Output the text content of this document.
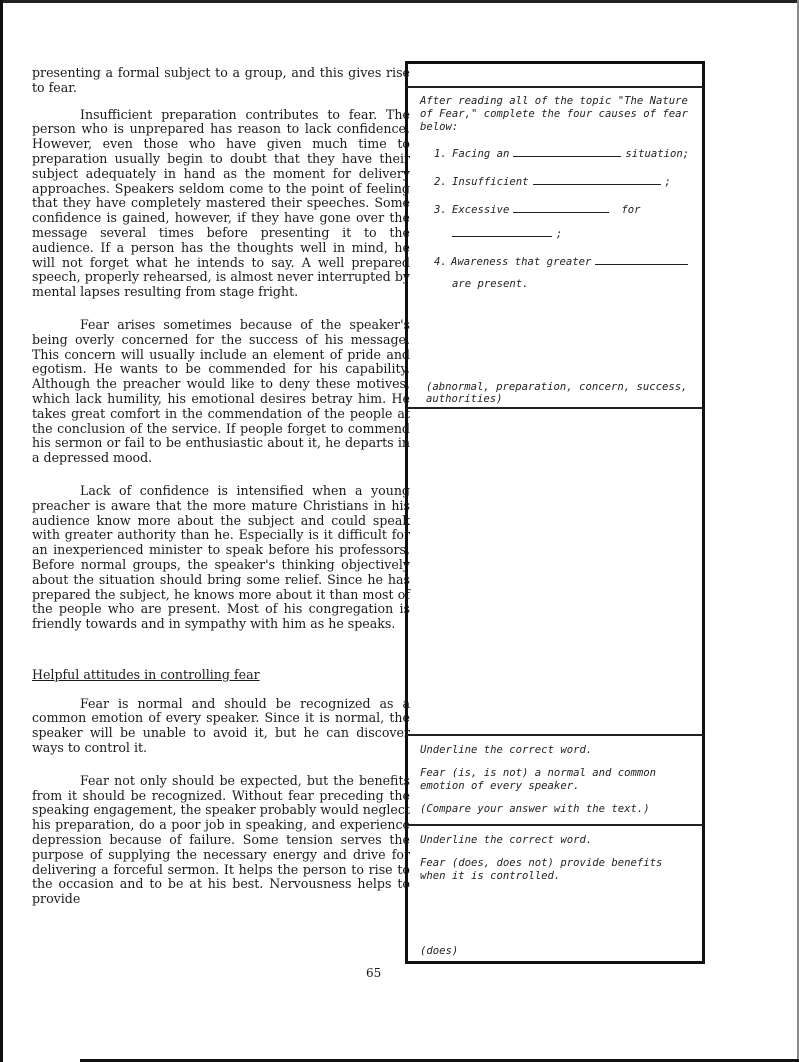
presenting a formal subject to a group, and this gives rise to fear.

Insufficient preparation contributes to fear. The person who is unprepared has reason to lack confidence. However, even those who have given much time to preparation usually begin to doubt that they have their subject adequately in hand as the moment for delivery approaches. Speakers seldom come to the point of feeling that they have completely mastered their speeches. Some confidence is gained, however, if they have gone over the message several times before presenting it to the audience. If a person has the thoughts well in mind, he will not forget what he intends to say. A well prepared speech, properly rehearsed, is almost never interrupted by mental lapses resulting from stage fright.

Fear arises sometimes because of the speaker's being overly concerned for the success of his message. This concern will usually include an element of pride and egotism. He wants to be commended for his capability. Although the preacher would like to deny these motives, which lack humility, his emotional desires betray him. He takes great comfort in the commendation of the people at the conclusion of the service. If people forget to commend his sermon or fail to be enthusiastic about it, he departs in a depressed mood.

Lack of confidence is intensified when a young preacher is aware that the more mature Christians in his audience know more about the subject and could speak with greater authority than he. Especially is it difficult for an inexperienced minister to speak before his professors. Before normal groups, the speaker's thinking objectively about the situation should bring some relief. Since he has prepared the subject, he knows more about it than most of the people who are present. Most of his congregation is friendly towards and in sympathy with him as he speaks.

Helpful attitudes in controlling fear

Fear is normal and should be recognized as a common emotion of every speaker. Since it is normal, the speaker will be unable to avoid it, but he can discover ways to control it.

Fear not only should be expected, but the benefits from it should be recognized. Without fear preceding the speaking engagement, the speaker probably would neglect his preparation, do a poor job in speaking, and experience depression because of failure. Some tension serves the purpose of supplying the necessary energy and drive for delivering a forceful sermon. It helps the person to rise to the occasion and to be at his best. Nervousness helps to provide

After reading all of the topic "The Nature of Fear," complete the four causes of fear below:

1. Facing an	situation;
2. Insufficient	;
3. Excessive	for
;
4. Awareness that greater
are present.
(abnormal, preparation, concern, success, authorities)

Underline the correct word.

Fear (is, is not) a normal and common emotion of every speaker.

(Compare your answer with the text.)

Underline the correct word.

Fear (does, does not) provide benefits when it is controlled.

(does)
65
